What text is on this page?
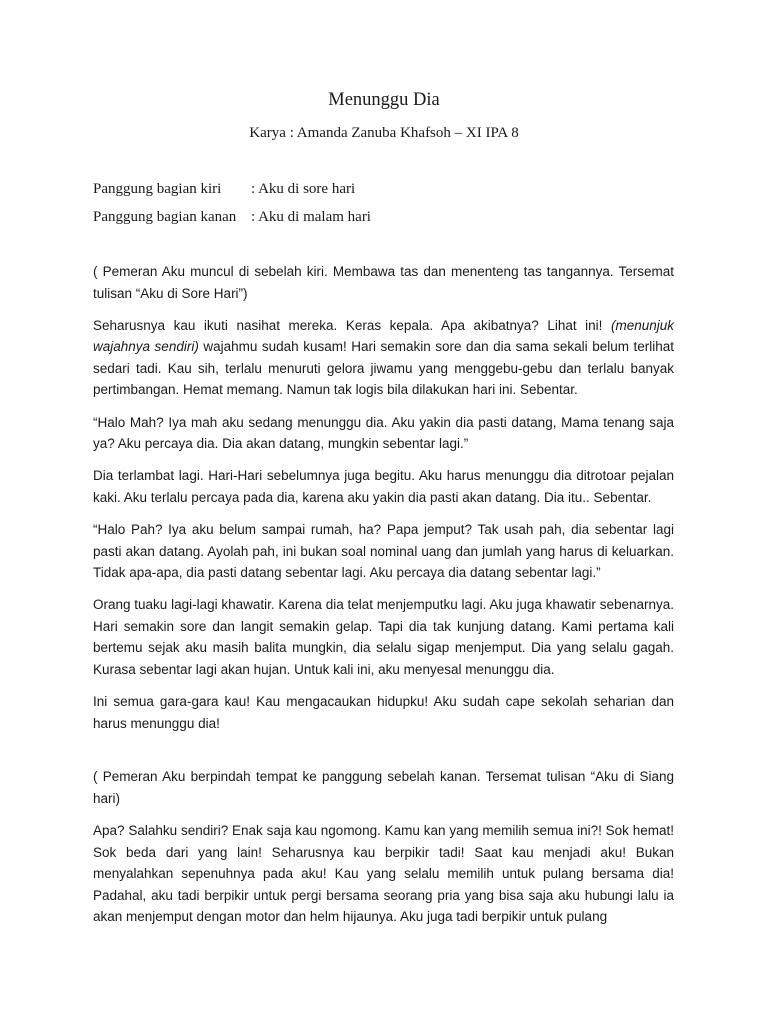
Menunggu Dia
Karya : Amanda Zanuba Khafsoh – XI IPA 8
Panggung bagian kiri : Aku di sore hari
Panggung bagian kanan : Aku di malam hari

( Pemeran Aku muncul di sebelah kiri. Membawa tas dan menenteng tas tangannya. Tersemat tulisan “Aku di Sore Hari”)

Seharusnya kau ikuti nasihat mereka. Keras kepala. Apa akibatnya? Lihat ini! (menunjuk wajahnya sendiri) wajahmu sudah kusam! Hari semakin sore dan dia sama sekali belum terlihat sedari tadi. Kau sih, terlalu menuruti gelora jiwamu yang menggebu-gebu dan terlalu banyak pertimbangan. Hemat memang. Namun tak logis bila dilakukan hari ini. Sebentar.

“Halo Mah? Iya mah aku sedang menunggu dia. Aku yakin dia pasti datang, Mama tenang saja ya? Aku percaya dia. Dia akan datang, mungkin sebentar lagi.”

Dia terlambat lagi. Hari-Hari sebelumnya juga begitu. Aku harus menunggu dia ditrotoar pejalan kaki. Aku terlalu percaya pada dia, karena aku yakin dia pasti akan datang. Dia itu.. Sebentar.

“Halo Pah? Iya aku belum sampai rumah, ha? Papa jemput? Tak usah pah, dia sebentar lagi pasti akan datang. Ayolah pah, ini bukan soal nominal uang dan jumlah yang harus di keluarkan. Tidak apa-apa, dia pasti datang sebentar lagi. Aku percaya dia datang sebentar lagi.”

Orang tuaku lagi-lagi khawatir. Karena dia telat menjemputku lagi. Aku juga khawatir sebenarnya. Hari semakin sore dan langit semakin gelap. Tapi dia tak kunjung datang. Kami pertama kali bertemu sejak aku masih balita mungkin, dia selalu sigap menjemput. Dia yang selalu gagah. Kurasa sebentar lagi akan hujan. Untuk kali ini, aku menyesal menunggu dia.

Ini semua gara-gara kau! Kau mengacaukan hidupku! Aku sudah cape sekolah seharian dan harus menunggu dia!

( Pemeran Aku berpindah tempat ke panggung sebelah kanan. Tersemat tulisan “Aku di Siang hari)

Apa? Salahku sendiri? Enak saja kau ngomong. Kamu kan yang memilih semua ini?! Sok hemat! Sok beda dari yang lain! Seharusnya kau berpikir tadi! Saat kau menjadi aku! Bukan menyalahkan sepenuhnya pada aku! Kau yang selalu memilih untuk pulang bersama dia! Padahal, aku tadi berpikir untuk pergi bersama seorang pria yang bisa saja aku hubungi lalu ia akan menjemput dengan motor dan helm hijaunya. Aku juga tadi berpikir untuk pulang
